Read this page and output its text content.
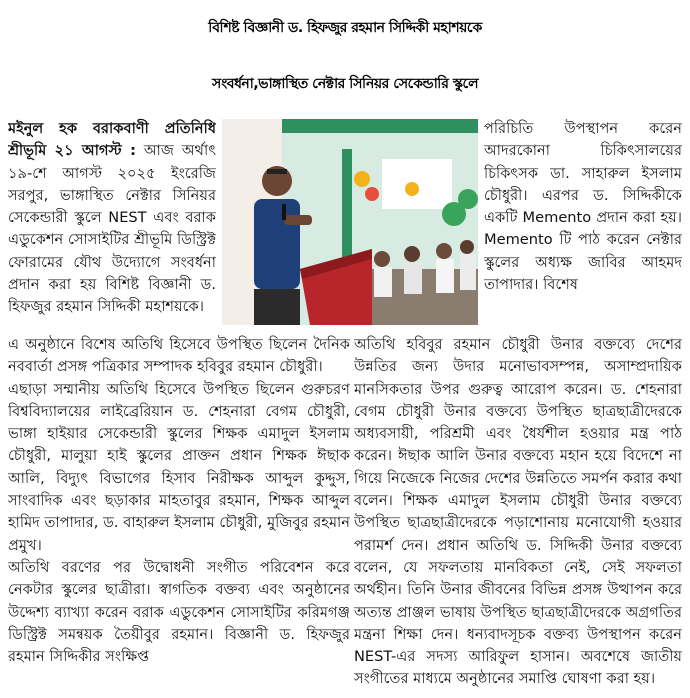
বিশিষ্ট বিজ্ঞানী ড. হিফজুর রহমান সিদ্দিকী মহাশয়কে
সংবর্ধনা,ভাঙ্গাস্থিত নেক্টার সিনিয়র সেকেন্ডারি স্কুলে

মইনুল হক বরাকবাণী প্রতিনিধি শ্রীভূমি ২১ আগস্ট : আজ অর্থাৎ ১৯-শে আগস্ট ২০২৫ ইংরেজি সরপুর, ভাঙ্গাস্থিত নেক্টার সিনিয়র সেকেন্ডারী স্কুলে NEST এবং বরাক এডুকেশন সোসাইটির শ্রীভূমি ডিস্ট্রিক্ট ফোরামের যৌথ উদ্যোগে সংবর্ধনা প্রদান করা হয় বিশিষ্ট বিজ্ঞানী ড. হিফজুর রহমান সিদ্দিকী মহাশয়কে।

পরিচিতি উপস্থাপন করেন আদরকোনা চিকিৎসালয়ের চিকিৎসক ডা. সাহারুল ইসলাম চৌধুরী। এরপর ড. সিদ্দিকীকে একটি Memento প্রদান করা হয়। Memento টি পাঠ করেন নেক্টার স্কুলের অধ্যক্ষ জাবির আহমদ তাপাদার। বিশেষ

এ অনুষ্ঠানে বিশেষ অতিথি হিসেবে উপস্থিত ছিলেন দৈনিক নববার্তা প্রসঙ্গ পত্রিকার সম্পাদক হবিবুর রহমান চৌধুরী।

এছাড়া সম্মানীয় অতিথি হিসেবে উপস্থিত ছিলেন গুরুচরণ বিশ্ববিদ্যালয়ের লাইব্রেরিয়ান ড. শেহনারা বেগম চৌধুরী, ভাঙ্গা হাইয়ার সেকেন্ডারী স্কুলের শিক্ষক এমাদুল ইসলাম চৌধুরী, মালুয়া হাই স্কুলের প্রাক্তন প্রধান শিক্ষক ঈছাক আলি, বিদ্যুৎ বিভাগের হিসাব নিরীক্ষক আব্দুল কুদ্দুস, সাংবাদিক এবং ছড়াকার মাহতাবুর রহমান, শিক্ষক আব্দুল হামিদ তাপাদার, ড. বাহারুল ইসলাম চৌধুরী, মুজিবুর রহমান প্রমুখ।

অতিথি বরণের পর উদ্বোধনী সংগীত পরিবেশন করে নেকটার স্কুলের ছাত্রীরা। স্বাগতিক বক্তব্য এবং অনুষ্ঠানের উদ্দেশ্য ব্যাখ্যা করেন বরাক এডুকেশন সোসাইটির করিমগঞ্জ ডিস্ট্রিক্ট সমন্বয়ক তৈয়ীবুর রহমান। বিজ্ঞানী ড. হিফজুর রহমান সিদ্দিকীর সংক্ষিপ্ত

অতিথি হবিবুর রহমান চৌধুরী উনার বক্তব্যে দেশের উন্নতির জন্য উদার মনোভাবসম্পন্ন, অসাম্প্রদায়িক মানসিকতার উপর গুরুত্ব আরোপ করেন। ড. শেহনারা বেগম চৌধুরী উনার বক্তব্যে উপস্থিত ছাত্রছাত্রীদেরকে অধ্যবসায়ী, পরিশ্রমী এবং ধৈর্যশীল হওয়ার মন্ত্র পাঠ করেন। ঈছাক আলি উনার বক্তব্যে মহান হয়ে বিদেশে না গিয়ে নিজেকে নিজের দেশের উন্নতিতে সমর্পন করার কথা বলেন। শিক্ষক এমাদুল ইসলাম চৌধুরী উনার বক্তব্যে উপস্থিত ছাত্রছাত্রীদেরকে পড়াশোনায় মনোযোগী হওয়ার পরামর্শ দেন। প্রধান অতিথি ড. সিদ্দিকী উনার বক্তব্যে বলেন, যে সফলতায় মানবিকতা নেই, সেই সফলতা অর্থহীন। তিনি উনার জীবনের বিভিন্ন প্রসঙ্গ উত্থাপন করে অত্যন্ত প্রাঞ্জল ভাষায় উপস্থিত ছাত্রছাত্রীদেরকে অগ্রগতির মন্ত্রনা শিক্ষা দেন। ধন্যবাদসূচক বক্তব্য উপস্থাপন করেন NEST-এর সদস্য আরিফুল হাসান। অবশেষে জাতীয় সংগীতের মাধ্যমে অনুষ্ঠানের সমাপ্তি ঘোষণা করা হয়।
